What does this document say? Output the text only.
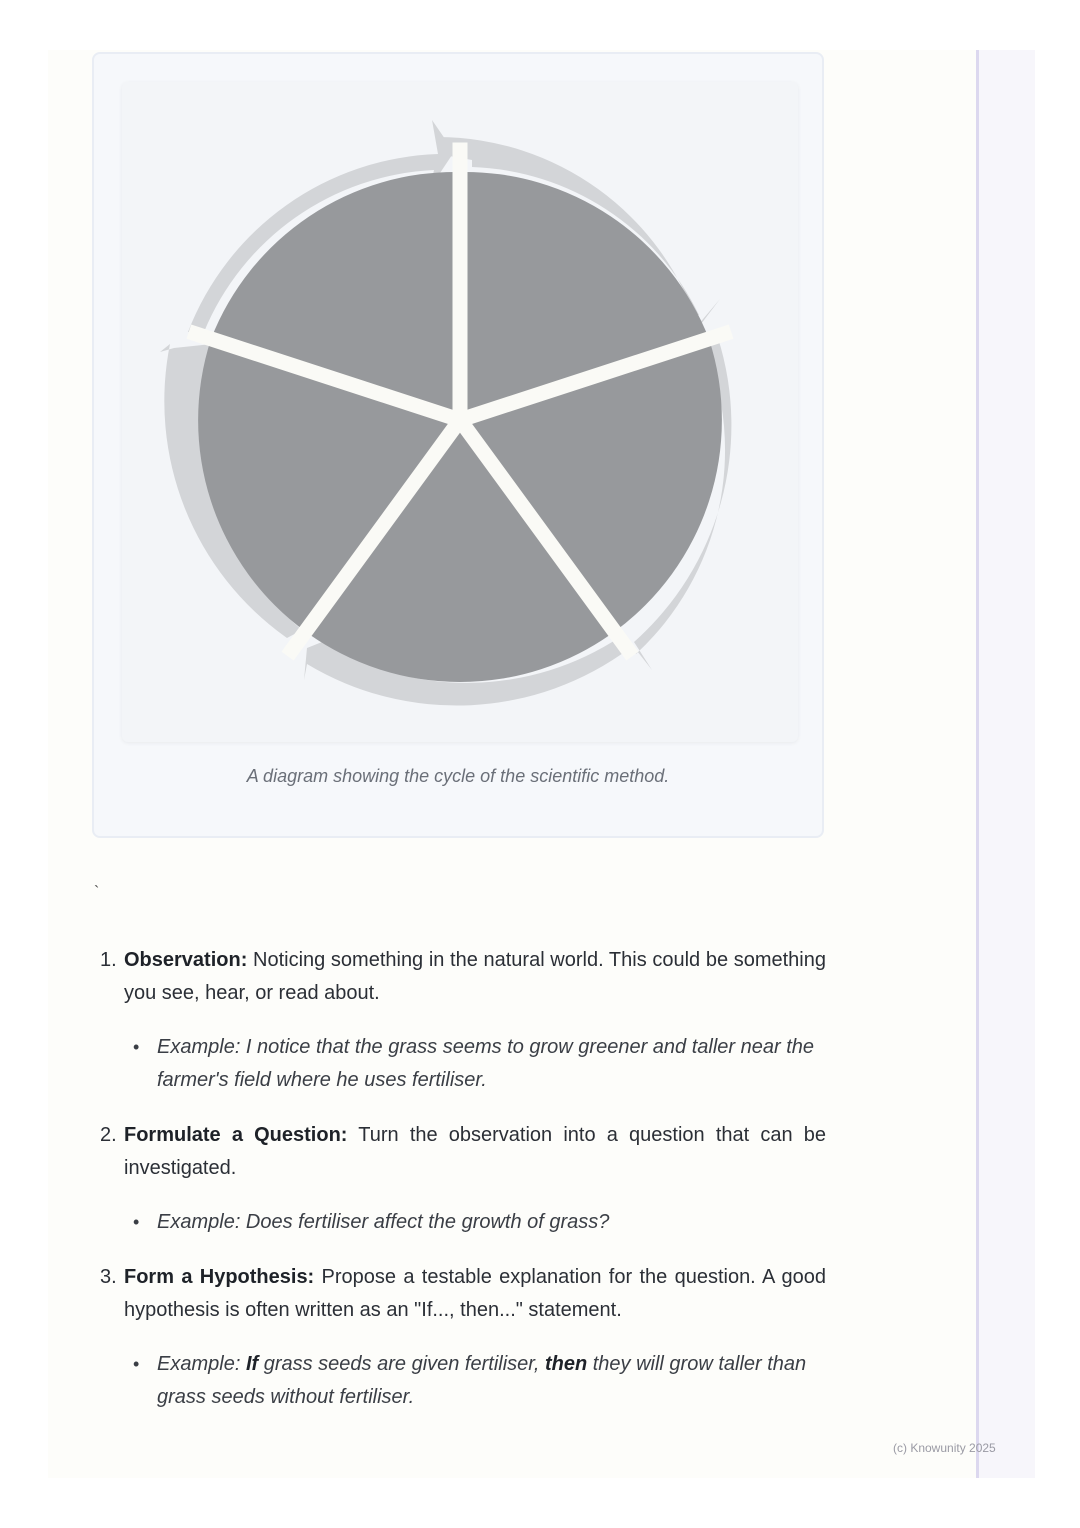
A diagram showing the cycle of the scientific method.
`
1. Observation: Noticing something in the natural world. This could be something you see, hear, or read about.
• Example: I notice that the grass seems to grow greener and taller near the farmer's field where he uses fertiliser.
2. Formulate a Question: Turn the observation into a question that can be investigated.
• Example: Does fertiliser affect the growth of grass?
3. Form a Hypothesis: Propose a testable explanation for the question. A good hypothesis is often written as an "If..., then..." statement.
• Example: If grass seeds are given fertiliser, then they will grow taller than grass seeds without fertiliser.
(c) Knowunity 2025
